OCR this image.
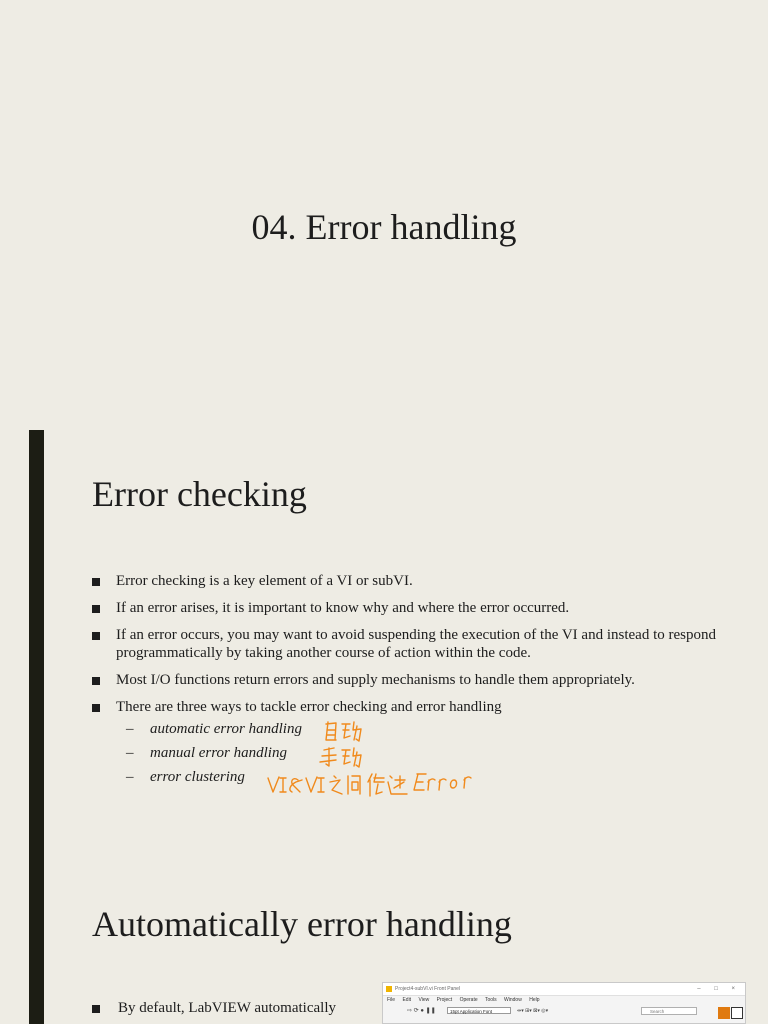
04. Error handling
Error checking
Error checking is a key element of a VI or subVI.
If an error arises, it is important to know why and where the error occurred.
If an error occurs, you may want to avoid suspending the execution of the VI and instead to respond programmatically by taking another course of action within the code.
Most I/O functions return errors and supply mechanisms to handle them appropriately.
There are three ways to tackle error checking and error handling
– automatic error handling
– manual error handling
– error clustering
Automatically error handling
By default, LabVIEW automatically
Project4-subVI.vi Front Panel	– □ ×
File Edit View Project Operate Tools Window Help
⇨ ⟳ ● ❚❚	15pt Application Font	⇹▾ ⊞▾ ⊠▾ ◎▾	Search
